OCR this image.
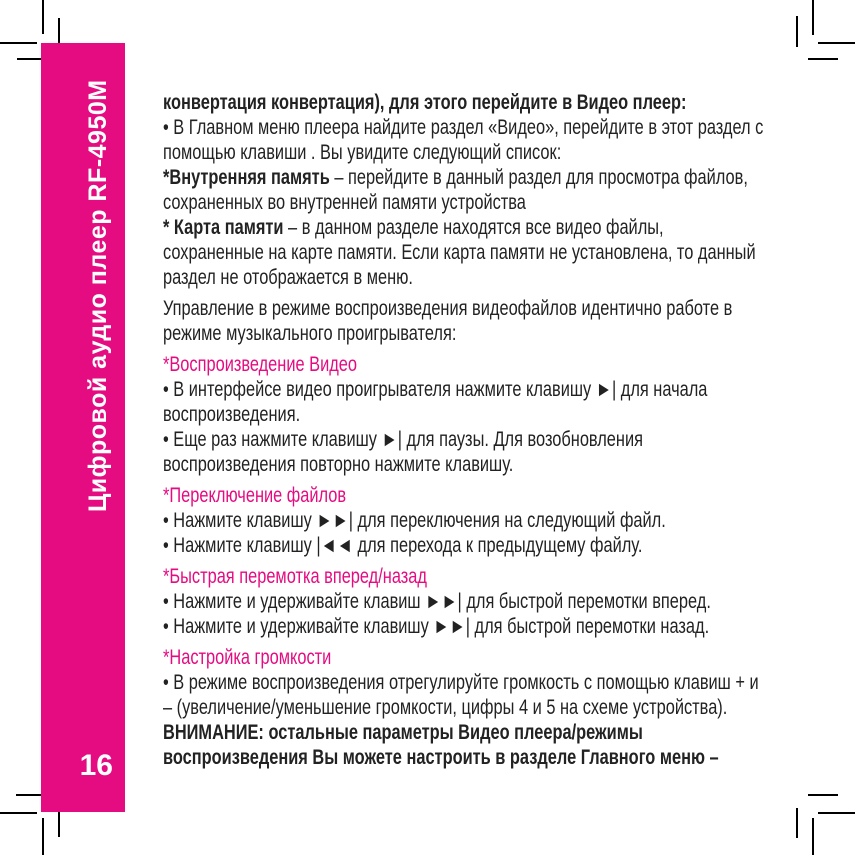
Цифровой аудио плеер RF-4950M
16
конвертация конвертация), для этого перейдите в Видео плеер:
• В Главном меню плеера найдите раздел «Видео», перейдите в этот раздел с
помощью клавиши . Вы увидите следующий список:
*Внутренняя память – перейдите в данный раздел для просмотра файлов,
сохраненных во внутренней памяти устройства
* Карта памяти – в данном разделе находятся все видео файлы,
сохраненные на карте памяти. Если карта памяти не установлена, то данный
раздел не отображается в меню.
Управление в режиме воспроизведения видеофайлов идентично работе в
режиме музыкального проигрывателя:
*Воспроизведение Видео
• В интерфейсе видео проигрывателя нажмите клавишу ►| для начала
воспроизведения.
• Еще раз нажмите клавишу ►| для паузы. Для возобновления
воспроизведения повторно нажмите клавишу.
*Переключение файлов
• Нажмите клавишу ►►| для переключения на следующий файл.
• Нажмите клавишу |◄◄ для перехода к предыдущему файлу.
*Быстрая перемотка вперед/назад
• Нажмите и удерживайте клавиш ►►| для быстрой перемотки вперед.
• Нажмите и удерживайте клавишу ►►| для быстрой перемотки назад.
*Настройка громкости
• В режиме воспроизведения отрегулируйте громкость с помощью клавиш + и
– (увеличение/уменьшение громкости, цифры 4 и 5 на схеме устройства).
ВНИМАНИЕ: остальные параметры Видео плеера/режимы
воспроизведения Вы можете настроить в разделе Главного меню –
